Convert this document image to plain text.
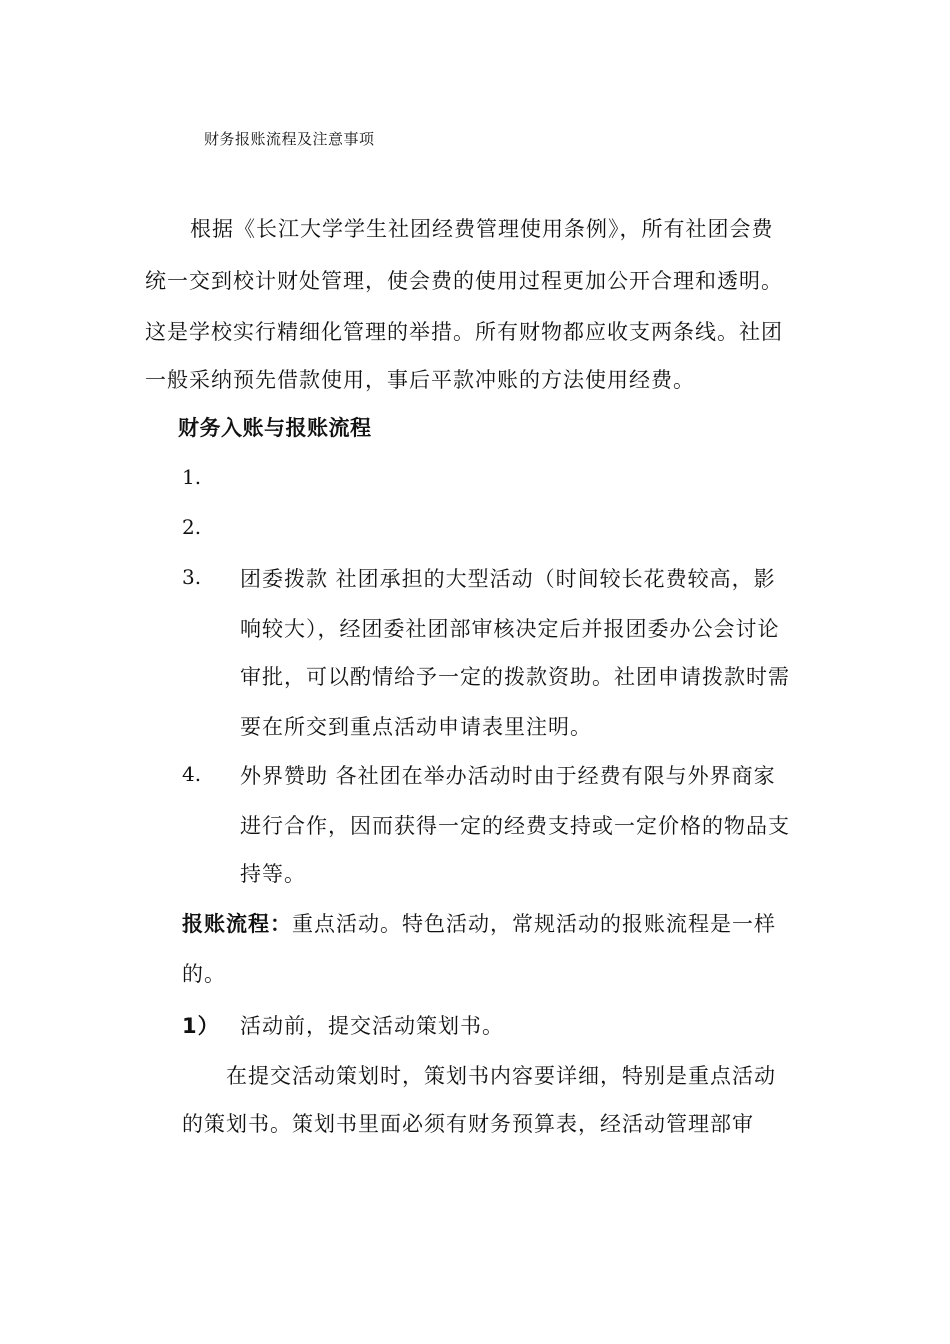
财务报账流程及注意事项
根据《长江大学学生社团经费管理使用条例》，所有社团会费
统一交到校计财处管理，使会费的使用过程更加公开合理和透明。
这是学校实行精细化管理的举措。所有财物都应收支两条线。社团
一般采纳预先借款使用，事后平款冲账的方法使用经费。
财务入账与报账流程
1.
2.
3. 团委拨款 社团承担的大型活动（时间较长花费较高，影
响较大），经团委社团部审核决定后并报团委办公会讨论
审批，可以酌情给予一定的拨款资助。社团申请拨款时需
要在所交到重点活动申请表里注明。
4. 外界赞助 各社团在举办活动时由于经费有限与外界商家
进行合作，因而获得一定的经费支持或一定价格的物品支
持等。
报账流程：重点活动。特色活动，常规活动的报账流程是一样
的。
1） 活动前，提交活动策划书。
在提交活动策划时，策划书内容要详细，特别是重点活动
的策划书。策划书里面必须有财务预算表，经活动管理部审
